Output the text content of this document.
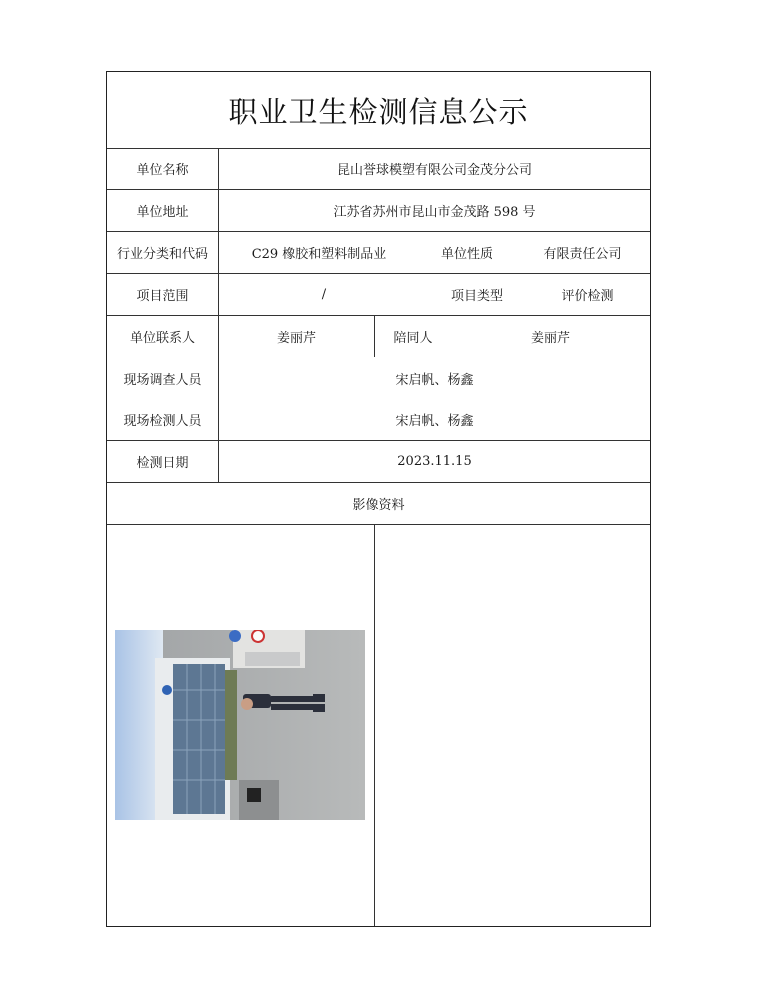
职业卫生检测信息公示
单位名称	昆山誉球模塑有限公司金茂分公司
单位地址	江苏省苏州市昆山市金茂路 598 号
行业分类和代码	C29 橡胶和塑料制品业	单位性质	有限责任公司
项目范围	/	项目类型	评价检测
单位联系人	姜丽芹	陪同人	姜丽芹
现场调查人员	宋启帆、杨鑫
现场检测人员	宋启帆、杨鑫
检测日期	2023.11.15
影像资料
